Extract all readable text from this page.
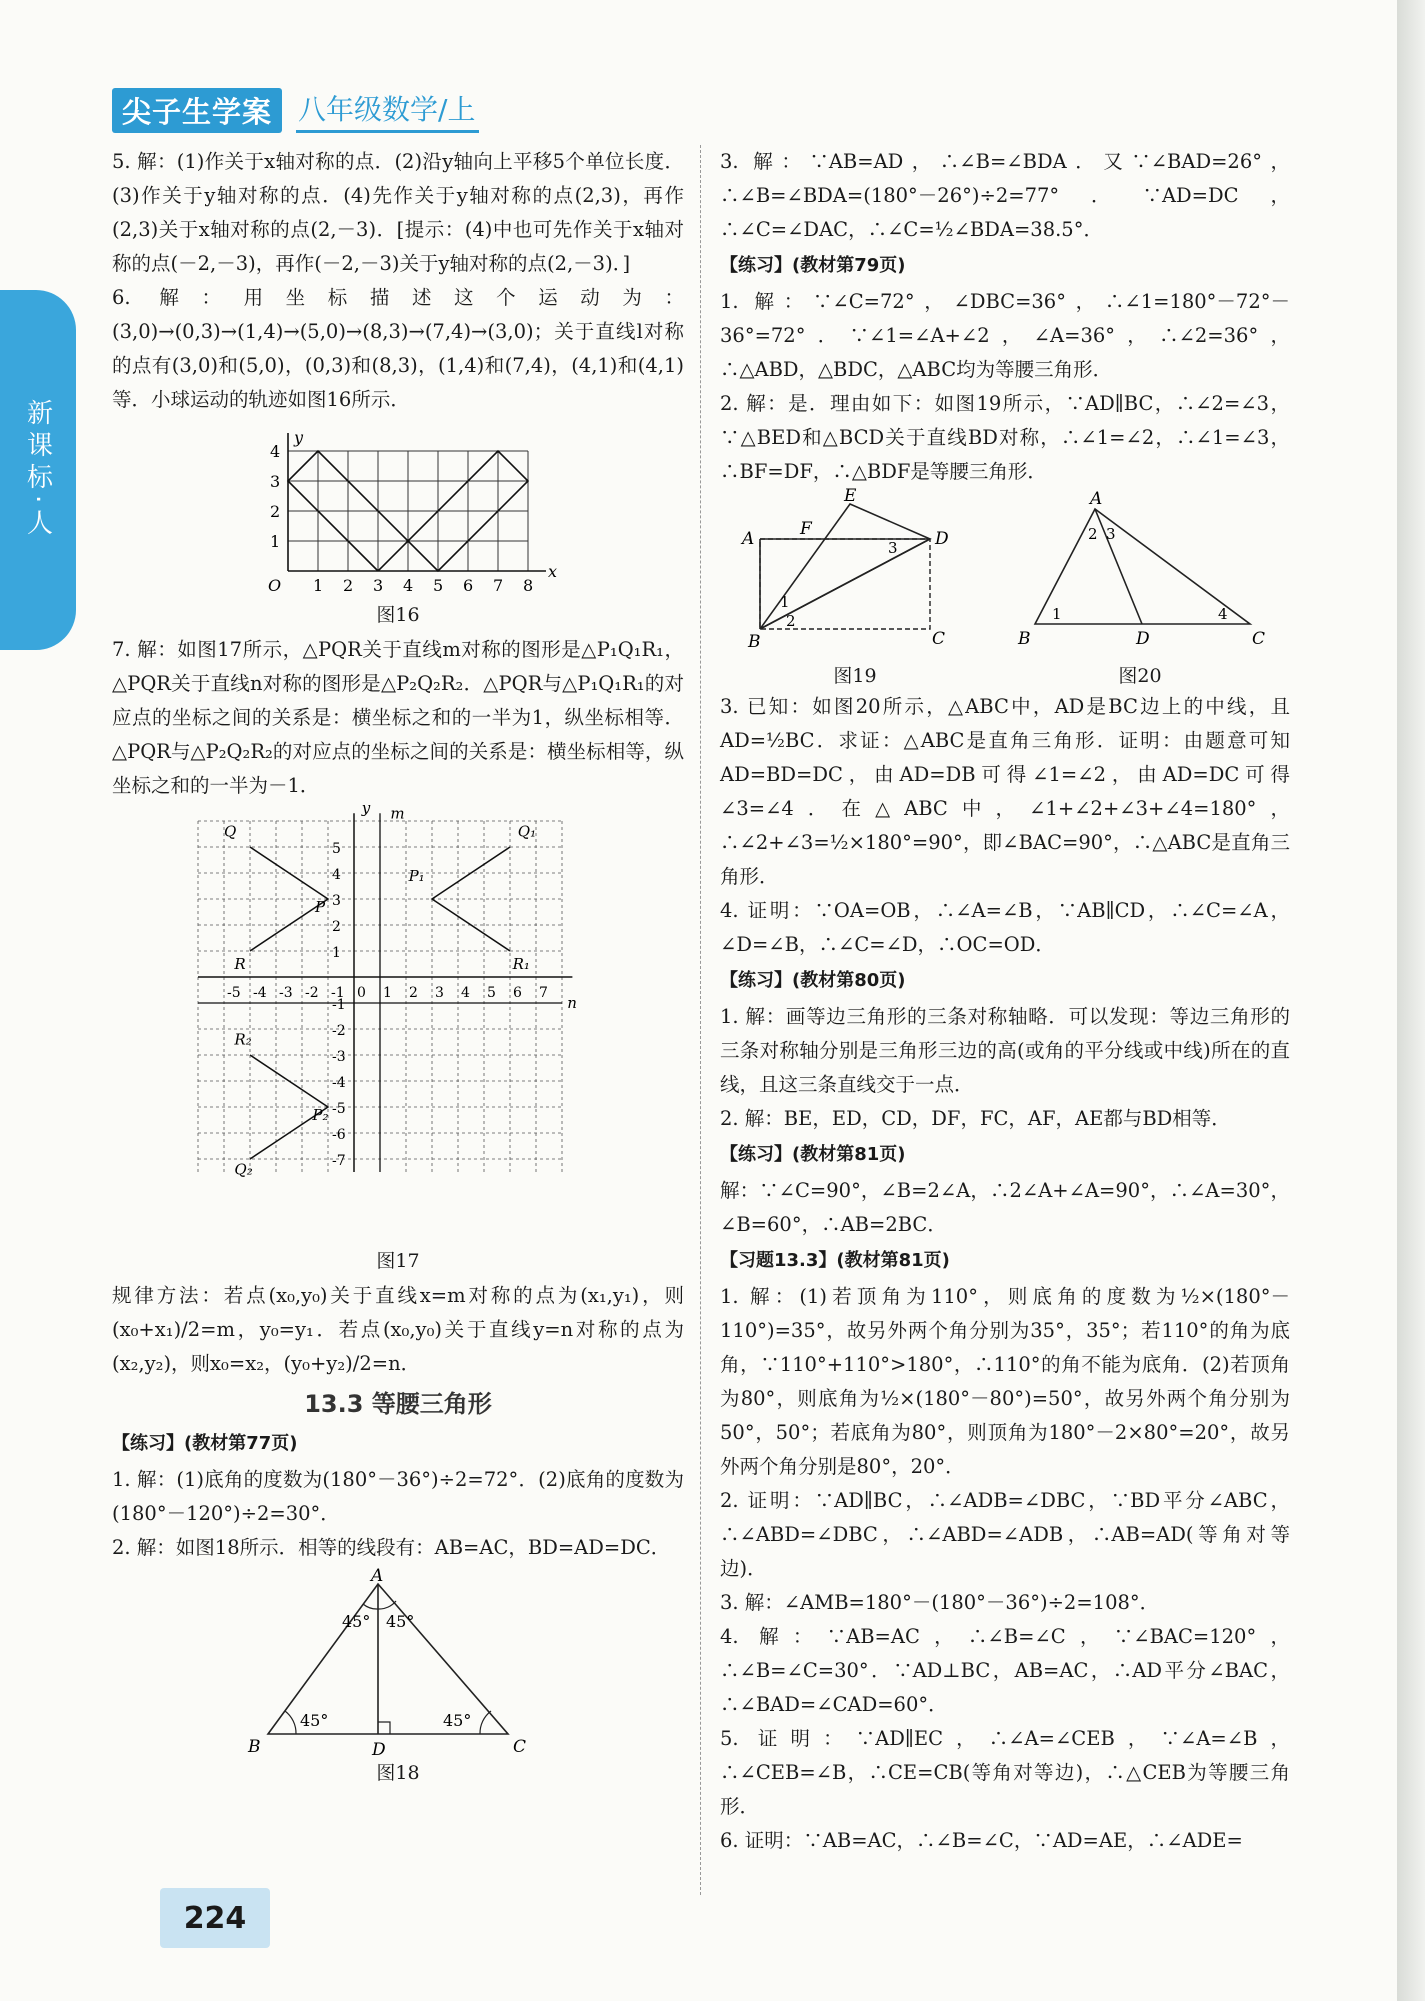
尖子生学案 八年级数学/上
新课标·人

5. 解：(1)作关于x轴对称的点．(2)沿y轴向上平移5个单位长度．(3)作关于y轴对称的点．(4)先作关于y轴对称的点(2,3)，再作(2,3)关于x轴对称的点(2,－3)．[提示：(4)中也可先作关于x轴对称的点(－2,－3)，再作(－2,－3)关于y轴对称的点(2,－3)．]

6. 解：用坐标描述这个运动为：(3,0)→(0,3)→(1,4)→(5,0)→(8,3)→(7,4)→(3,0)；关于直线l对称的点有(3,0)和(5,0)，(0,3)和(8,3)，(1,4)和(7,4)，(4,1)和(4,1)等．小球运动的轨迹如图16所示．

1 2 3 4 5 6 7 8
1
2
3
4
O
x
y
图16

7. 解：如图17所示，△PQR关于直线m对称的图形是△P₁Q₁R₁，△PQR关于直线n对称的图形是△P₂Q₂R₂．△PQR与△P₁Q₁R₁的对应点的坐标之间的关系是：横坐标之和的一半为1，纵坐标相等．△PQR与△P₂Q₂R₂的对应点的坐标之间的关系是：横坐标相等，纵坐标之和的一半为－1．

-5 -4 -3 -2 -1 0 1 2 3 4 5 6 7
5
4
3
2
1
-1
-2
-3
-4
-5
-6
-7
Q	Q₁
P
P₁
R	R₁
R₂
P₂
Q₂
y m
n
图17

规律方法：若点(x₀,y₀)关于直线x=m对称的点为(x₁,y₁)，则(x₀+x₁)/2=m，y₀=y₁．若点(x₀,y₀)关于直线y=n对称的点为(x₂,y₂)，则x₀=x₂，(y₀+y₂)/2=n．

13.3 等腰三角形
【练习】(教材第77页)

1. 解：(1)底角的度数为(180°－36°)÷2=72°．(2)底角的度数为(180°－120°)÷2=30°．

2. 解：如图18所示．相等的线段有：AB=AC，BD=AD=DC．

A
B	C
D
45° 45°
45°	45°
图18

3. 解：∵AB=AD，∴∠B=∠BDA．又∵∠BAD=26°，∴∠B=∠BDA=(180°－26°)÷2=77°．∵AD=DC，∴∠C=∠DAC，∴∠C=½∠BDA=38.5°．

【练习】(教材第79页)

1. 解：∵∠C=72°，∠DBC=36°，∴∠1=180°－72°－36°=72°．∵∠1=∠A+∠2，∠A=36°，∴∠2=36°，∴△ABD，△BDC，△ABC均为等腰三角形．

2. 解：是．理由如下：如图19所示，∵AD∥BC，∴∠2=∠3，∵△BED和△BCD关于直线BD对称，∴∠1=∠2，∴∠1=∠3，∴BF=DF，∴△BDF是等腰三角形．

E
A	F	D
B	C
1
2
3
图19
A
B	D	C
1
2 3
4
图20

3. 已知：如图20所示，△ABC中，AD是BC边上的中线，且AD=½BC．求证：△ABC是直角三角形．证明：由题意可知AD=BD=DC，由AD=DB可得∠1=∠2，由AD=DC可得∠3=∠4．在△ABC中，∠1+∠2+∠3+∠4=180°，∴∠2+∠3=½×180°=90°，即∠BAC=90°，∴△ABC是直角三角形．

4. 证明：∵OA=OB，∴∠A=∠B，∵AB∥CD，∴∠C=∠A，∠D=∠B，∴∠C=∠D，∴OC=OD．

【练习】(教材第80页)

1. 解：画等边三角形的三条对称轴略．可以发现：等边三角形的三条对称轴分别是三角形三边的高(或角的平分线或中线)所在的直线，且这三条直线交于一点．

2. 解：BE，ED，CD，DF，FC，AF，AE都与BD相等．

【练习】(教材第81页)

解：∵∠C=90°，∠B=2∠A，∴2∠A+∠A=90°，∴∠A=30°，∠B=60°，∴AB=2BC．

【习题13.3】(教材第81页)

1. 解：(1)若顶角为110°，则底角的度数为½×(180°－110°)=35°，故另外两个角分别为35°，35°；若110°的角为底角，∵110°+110°>180°，∴110°的角不能为底角．(2)若顶角为80°，则底角为½×(180°－80°)=50°，故另外两个角分别为50°，50°；若底角为80°，则顶角为180°－2×80°=20°，故另外两个角分别是80°，20°．

2. 证明：∵AD∥BC，∴∠ADB=∠DBC，∵BD平分∠ABC，∴∠ABD=∠DBC，∴∠ABD=∠ADB，∴AB=AD(等角对等边)．

3. 解：∠AMB=180°－(180°－36°)÷2=108°．

4. 解：∵AB=AC，∴∠B=∠C，∵∠BAC=120°，∴∠B=∠C=30°．∵AD⊥BC，AB=AC，∴AD平分∠BAC，∴∠BAD=∠CAD=60°．

5. 证明：∵AD∥EC，∴∠A=∠CEB，∵∠A=∠B，∴∠CEB=∠B，∴CE=CB(等角对等边)，∴△CEB为等腰三角形．

6. 证明：∵AB=AC，∴∠B=∠C，∵AD=AE，∴∠ADE=

224
